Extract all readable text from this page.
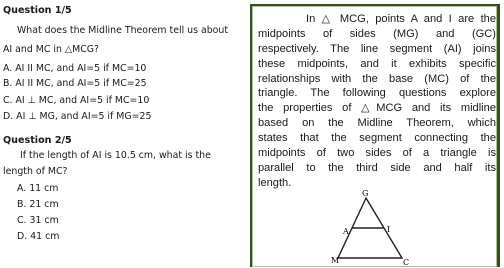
Question 1/5
What does the Midline Theorem tell us about
AI and MC in △MCG?
A. AI II MC, and AI=5 if MC=10
B. AI II MC, and AI=5 if MC=25
C. AI ⊥ MC, and AI=5 if MC=10
D. AI ⊥ MG, and AI=5 if MG=25
Question 2/5
If the length of AI is 10.5 cm, what is the
length of MC?
A. 11 cm
B. 21 cm
C. 31 cm
D. 41 cm
In △ MCG, points A and I are the
midpoints of sides (MG) and (GC)
respectively. The line segment (AI) joins
these midpoints, and it exhibits specific
relationships with the base (MC) of the
triangle. The following questions explore
the properties of △MCG and its midline
based on the Midline Theorem, which
states that the segment connecting the
midpoints of two sides of a triangle is
parallel to the third side and half its
length.
G
A	I
M	C
